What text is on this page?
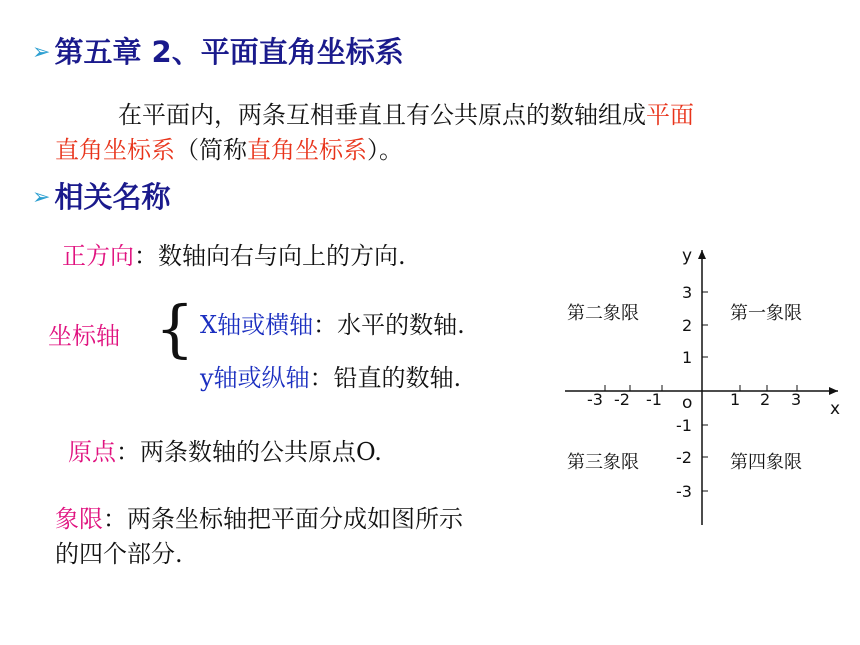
➢ 第五章 2、平面直角坐标系
在平面内，两条互相垂直且有公共原点的数轴组成平面
直角坐标系（简称直角坐标系）。
➢ 相关名称
正方向：数轴向右与向上的方向.
坐标轴 { X轴或横轴：水平的数轴.
y轴或纵轴：铅直的数轴.
原点：两条数轴的公共原点O.
象限：两条坐标轴把平面分成如图所示
的四个部分.
y
x
o
-3 -2 -1	1 2 3
3
2
1
-1
-2
-3
第二象限	第一象限
第三象限	第四象限
